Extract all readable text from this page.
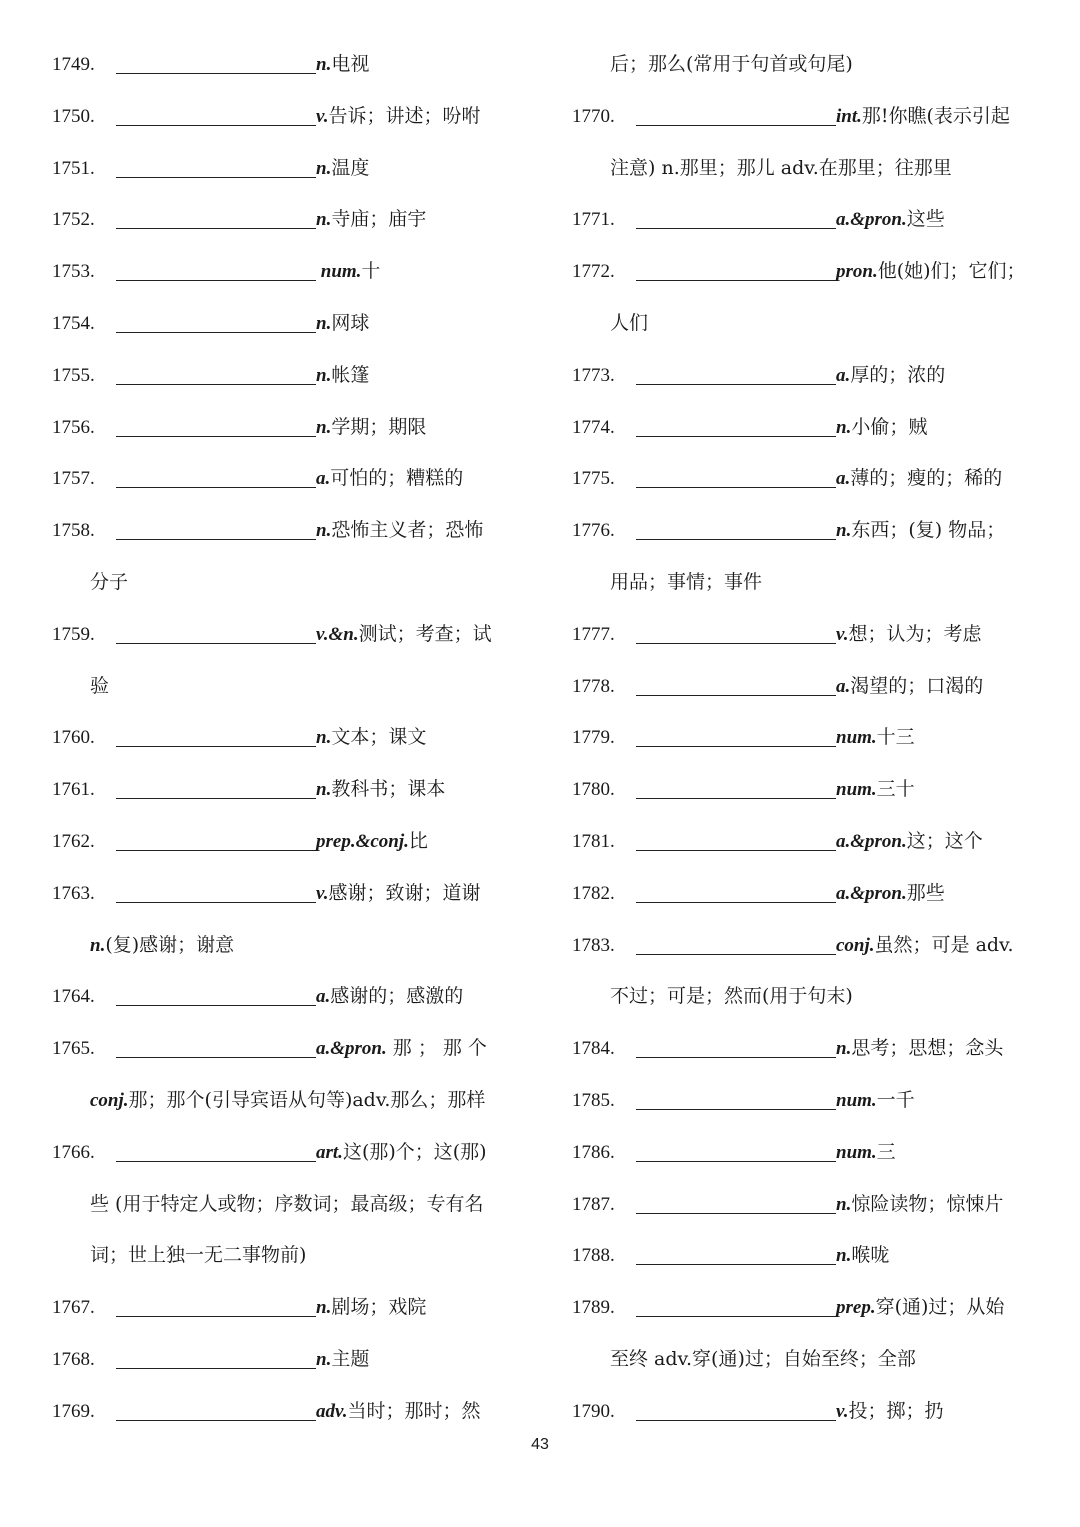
1749.	n.电视
1750.	v.告诉；讲述；吩咐
1751.	n.温度
1752.	n.寺庙；庙宇
1753.	num.十
1754.	n.网球
1755.	n.帐篷
1756.	n.学期；期限
1757.	a.可怕的；糟糕的
1758.	n.恐怖主义者；恐怖
分子
1759.	v.&n.测试；考查；试
验
1760.	n.文本；课文
1761.	n.教科书；课本
1762.	prep.&conj.比
1763.	v.感谢；致谢；道谢
n.(复)感谢；谢意
1764.	a.感谢的；感激的
1765.	a.&pron. 那 ； 那 个
conj.那；那个(引导宾语从句等)adv.那么；那样
1766.	art.这(那)个；这(那)
些 (用于特定人或物；序数词；最高级；专有名
词；世上独一无二事物前)
1767.	n.剧场；戏院
1768.	n.主题
1769.	adv.当时；那时；然
后；那么(常用于句首或句尾)
1770.	int.那!你瞧(表示引起
注意) n.那里；那儿 adv.在那里；往那里
1771.	a.&pron.这些
1772.	pron.他(她)们；它们；
人们
1773.	a.厚的；浓的
1774.	n.小偷；贼
1775.	a.薄的；瘦的；稀的
1776.	n.东西；(复) 物品；
用品；事情；事件
1777.	v.想；认为；考虑
1778.	a.渴望的；口渴的
1779.	num.十三
1780.	num.三十
1781.	a.&pron.这；这个
1782.	a.&pron.那些
1783.	conj.虽然；可是 adv.
不过；可是；然而(用于句末)
1784.	n.思考；思想；念头
1785.	num.一千
1786.	num.三
1787.	n.惊险读物；惊悚片
1788.	n.喉咙
1789.	prep.穿(通)过；从始
至终 adv.穿(通)过；自始至终；全部
1790.	v.投；掷；扔
43
